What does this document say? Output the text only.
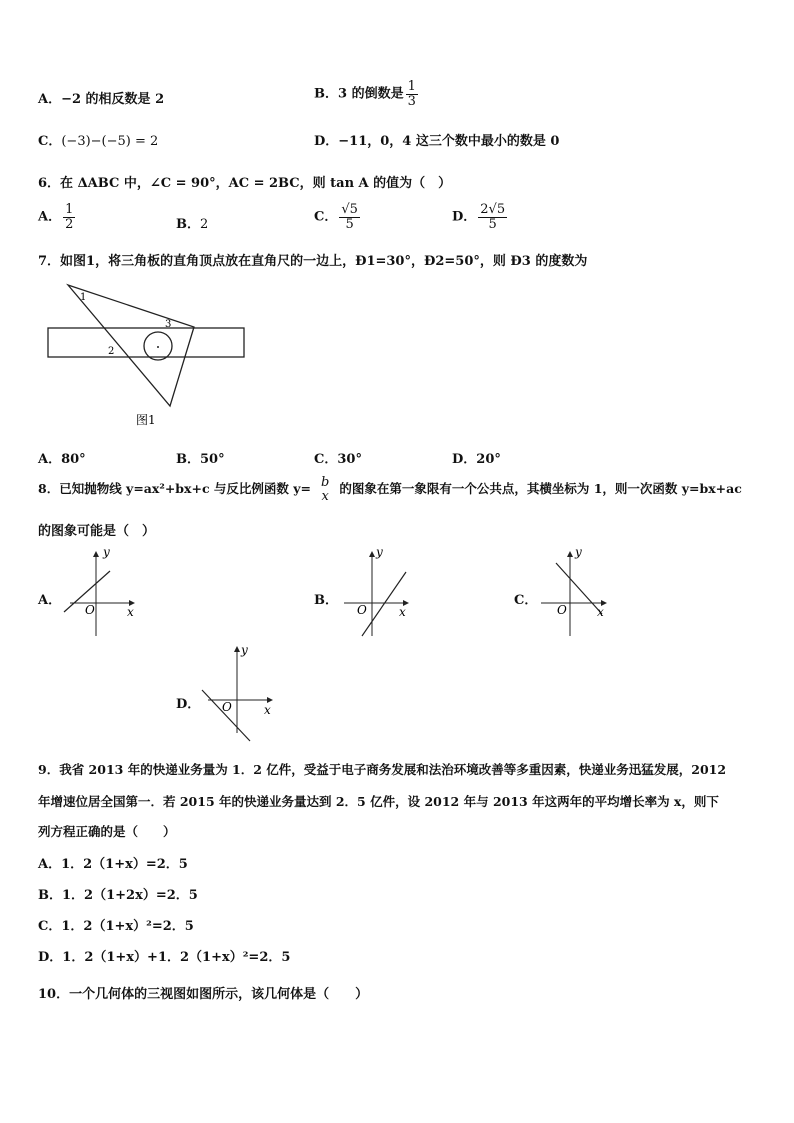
A．−2 的相反数是 2	B．3 的倒数是 $\frac{1}{3}$
C．(−3)−(−5) = 2	D．−11，0，4 这三个数中最小的数是 0
6．在 ΔABC 中，∠C = 90°，AC = 2BC，则 tan A 的值为（　）
A． $\frac{1}{2}$	B．2	C． $\frac{√5}{5}$	D． $\frac{2√5}{5}$
7．如图1，将三角板的直角顶点放在直角尺的一边上，Ð1=30°，Ð2=50°，则 Ð3 的度数为
1
2
3
图1
A．80°	B．50°	C．30°	D．20°
8．已知抛物线 y=ax²+bx+c 与反比例函数 y= b
x 的图象在第一象限有一个公共点，其横坐标为 1，则一次函数 y=bx+ac
的图象可能是（　）
A．	B．	C．
D．
y
x
O
y
x
O
y
x
O
y
x
O
9．我省 2013 年的快递业务量为 1．2 亿件，受益于电子商务发展和法治环境改善等多重因素，快递业务迅猛发展，2012
年增速位居全国第一．若 2015 年的快递业务量达到 2．5 亿件，设 2012 年与 2013 年这两年的平均增长率为 x，则下
列方程正确的是（　　）
A．1．2（1+x）=2．5
B．1．2（1+2x）=2．5
C．1．2（1+x）²=2．5
D．1．2（1+x）+1．2（1+x）²=2．5
10．一个几何体的三视图如图所示，该几何体是（　　）
